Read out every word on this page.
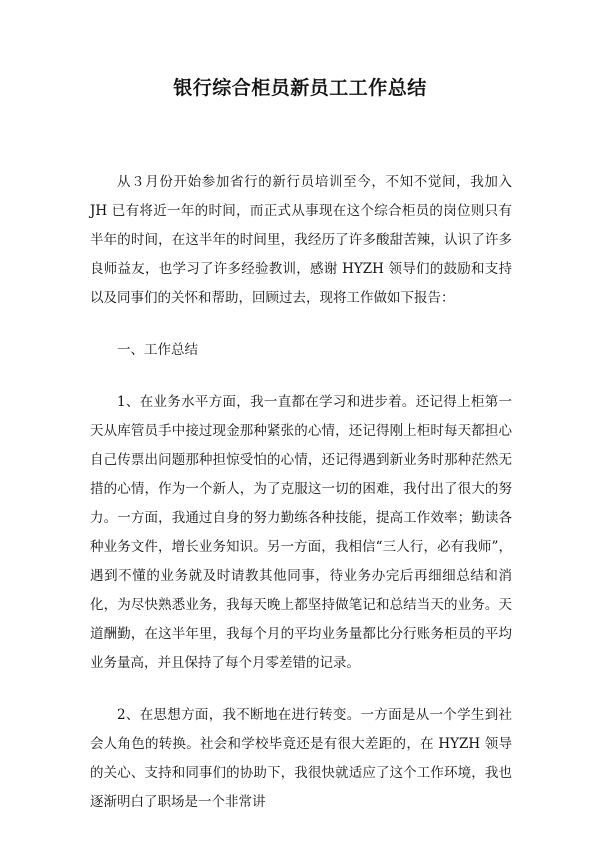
银行综合柜员新员工工作总结

从３月份开始参加省行的新行员培训至今，不知不觉间，我加入 JH 已有将近一年的时间，而正式从事现在这个综合柜员的岗位则只有半年的时间，在这半年的时间里，我经历了许多酸甜苦辣，认识了许多良师益友，也学习了许多经验教训，感谢 HYZH 领导们的鼓励和支持以及同事们的关怀和帮助，回顾过去，现将工作做如下报告：

一、工作总结

1、在业务水平方面，我一直都在学习和进步着。还记得上柜第一天从库管员手中接过现金那种紧张的心情，还记得刚上柜时每天都担心自己传票出问题那种担惊受怕的心情，还记得遇到新业务时那种茫然无措的心情，作为一个新人，为了克服这一切的困难，我付出了很大的努力。一方面，我通过自身的努力勤练各种技能，提高工作效率；勤读各种业务文件，增长业务知识。另一方面，我相信“三人行，必有我师”，遇到不懂的业务就及时请教其他同事，待业务办完后再细细总结和消化，为尽快熟悉业务，我每天晚上都坚持做笔记和总结当天的业务。天道酬勤，在这半年里，我每个月的平均业务量都比分行账务柜员的平均业务量高，并且保持了每个月零差错的记录。

2、在思想方面，我不断地在进行转变。一方面是从一个学生到社会人角色的转换。社会和学校毕竟还是有很大差距的，在 HYZH 领导的关心、支持和同事们的协助下，我很快就适应了这个工作环境，我也逐渐明白了职场是一个非常讲
